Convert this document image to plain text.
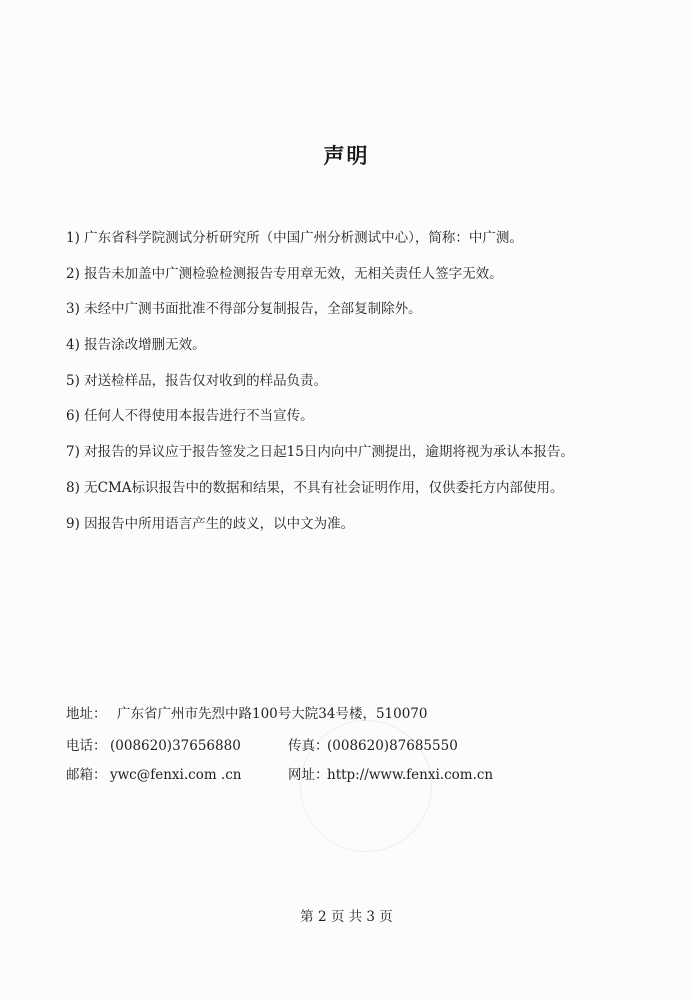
声明
1) 广东省科学院测试分析研究所（中国广州分析测试中心），简称：中广测。
2) 报告未加盖中广测检验检测报告专用章无效，无相关责任人签字无效。
3) 未经中广测书面批准不得部分复制报告，全部复制除外。
4) 报告涂改增删无效。
5) 对送检样品，报告仅对收到的样品负责。
6) 任何人不得使用本报告进行不当宣传。
7) 对报告的异议应于报告签发之日起15日内向中广测提出，逾期将视为承认本报告。
8) 无CMA标识报告中的数据和结果，不具有社会证明作用，仅供委托方内部使用。
9) 因报告中所用语言产生的歧义，以中文为准。
地址： 广东省广州市先烈中路100号大院34号楼，510070
电话： (008620)37656880	传真：
(008620)87685550
邮箱： ywc@fenxi.com .cn	网址：
http://www.fenxi.com.cn
第 2 页 共 3 页
